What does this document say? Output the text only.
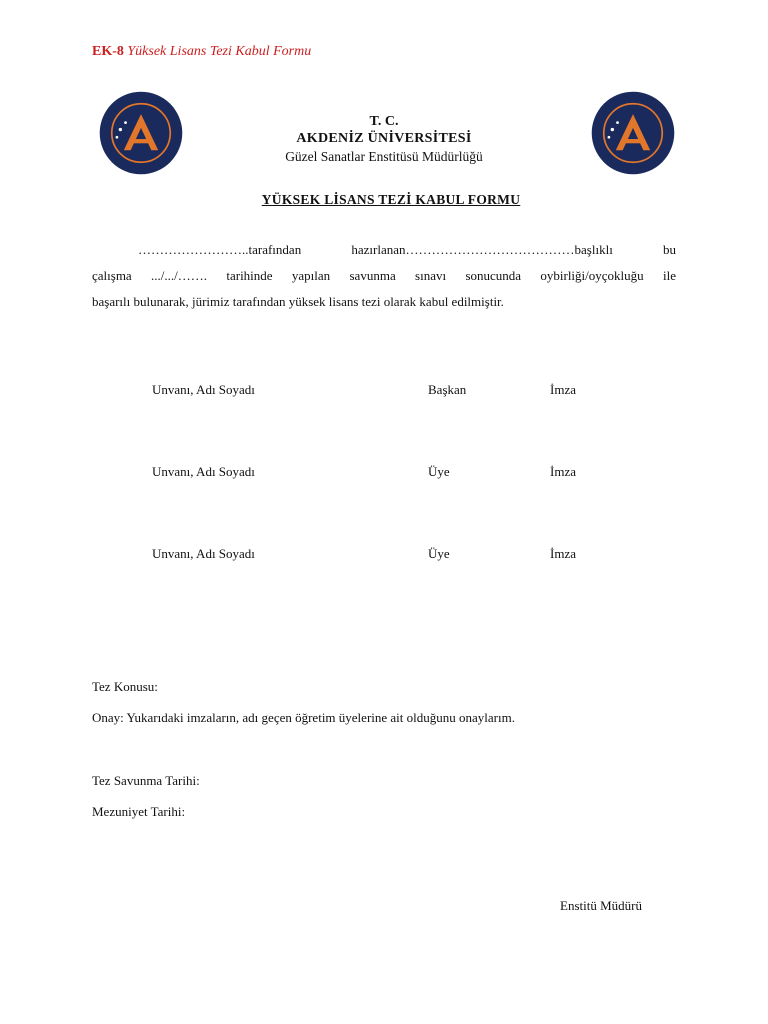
EK-8 Yüksek Lisans Tezi Kabul Formu
T. C.
AKDENİZ ÜNİVERSİTESİ
Güzel Sanatlar Enstitüsü Müdürlüğü
YÜKSEK LİSANS TEZİ KABUL FORMU
……………………..tarafından	hazırlanan…………………………………başlıklı	bu
çalışma .../.../……. tarihinde yapılan savunma sınavı sonucunda oybirliği/oyçokluğu ile
başarılı bulunarak, jürimiz tarafından yüksek lisans tezi olarak kabul edilmiştir.
Unvanı, Adı Soyadı	Başkan	İmza
Unvanı, Adı Soyadı	Üye	İmza
Unvanı, Adı Soyadı	Üye	İmza
Tez Konusu:
Onay: Yukarıdaki imzaların, adı geçen öğretim üyelerine ait olduğunu onaylarım.
Tez Savunma Tarihi:
Mezuniyet Tarihi:
Enstitü Müdürü
